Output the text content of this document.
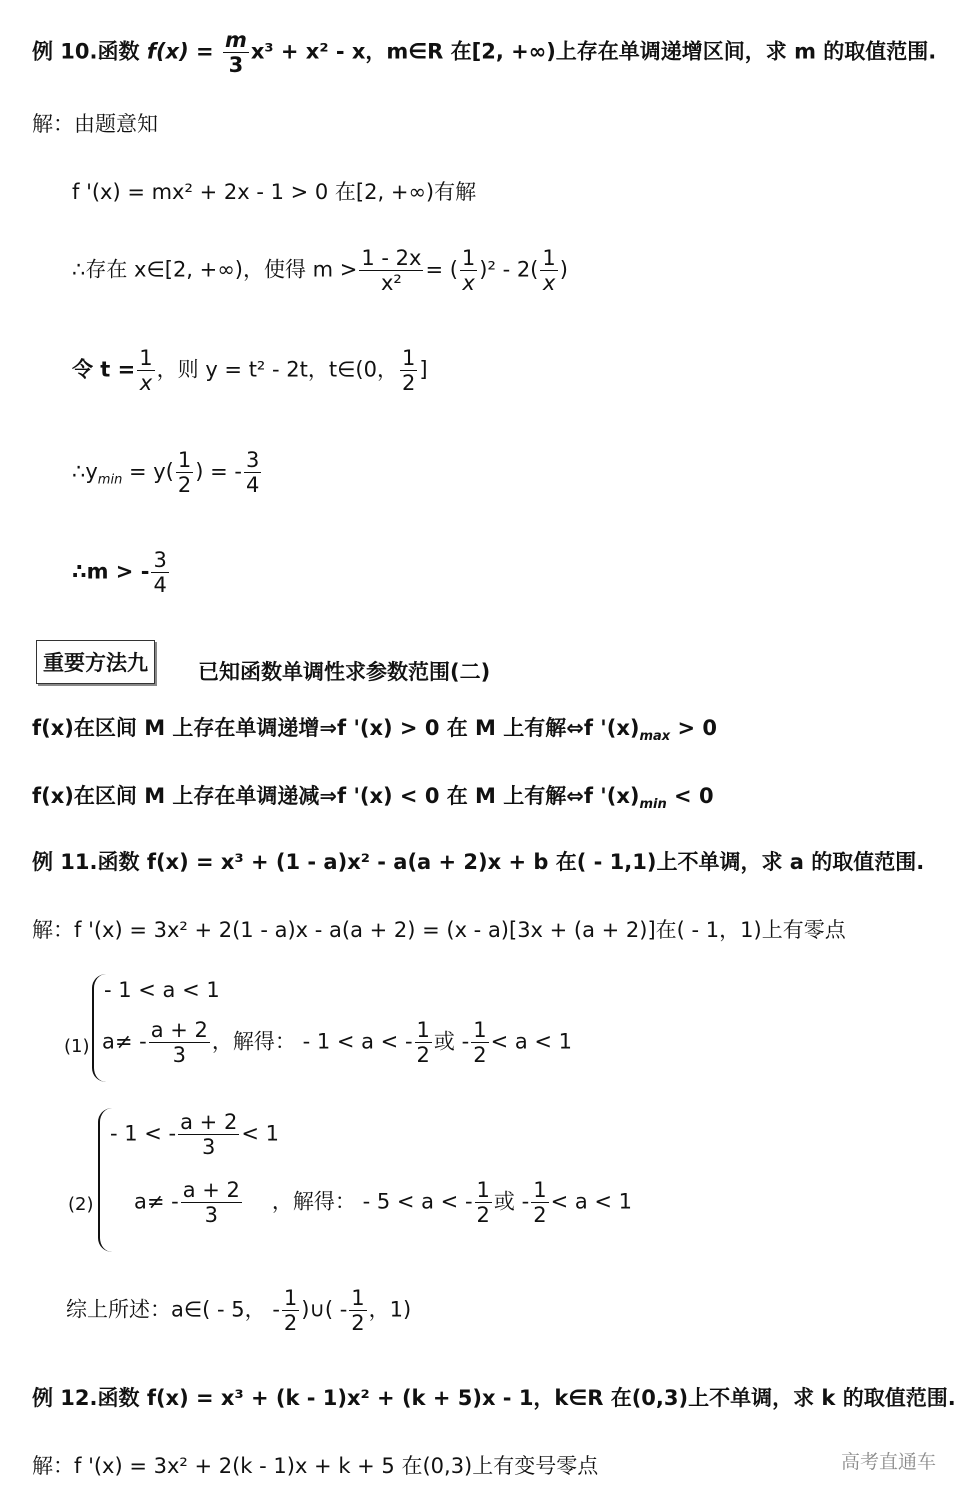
例 10.函数 $f(x) = \frac{m}{3} x^3 + x^2 - x$，m∈R 在[2, +∞)上存在单调递增区间，求 m 的取值范围.
解：由题意知
f '(x) = mx² + 2x - 1 > 0 在[2, +∞)有解
∴存在 x∈[2, +∞)，使得 $m > \frac{1 - 2x}{\text{x²}}$ = ( $\frac{1}{x} )^2 - 2( \frac{1}{x}$ )
令 $t = \frac{1}{x}$ ，则 y = t² - 2t，t∈(0， $\frac{1}{2}$ ]
$\therefore y_{min} = y( \frac{1}{2}$ ) = - $\frac{3}{4}$
∴m > - $\frac{3}{4}$
重要方法九	已知函数单调性求参数范围(二)
f(x)在区间 M 上存在单调递增⇒f '(x) > 0 在 M 上有解⇔f '$(x)_{max} > 0$
f(x)在区间 M 上存在单调递减⇒f '(x) < 0 在 M 上有解⇔f '$(x)_{min} < 0$
例 11.函数 f(x) = x³ + (1 - a)x² - a(a + 2)x + b 在( - 1,1)上不单调，求 a 的取值范围.
解：f '(x) = 3x² + 2(1 - a)x - a(a + 2) = (x - a)[3x + (a + 2)]在( - 1，1)上有零点
(1)
- 1 < a < 1
$a\ne - \frac{a + 2}{3}$ ，解得： - 1 < a < - $\frac{1}{2}$ 或 - $\frac{1}{2} < a < 1$
(2)
- 1 < - $\frac{a + 2}{3} < 1$
$a\ne - \frac{a + 2}{3}$ ，解得： - 5 < a < - $\frac{1}{2}$ 或 - $\frac{1}{2} < a < 1$
综上所述：a∈( - 5， - $\frac{1}{2}$ )∪( - $\frac{1}{2}$ ，1)
例 12.函数 f(x) = x³ + (k - 1)x² + (k + 5)x - 1，k∈R 在(0,3)上不单调，求 k 的取值范围.
解：f '(x) = 3x² + 2(k - 1)x + k + 5 在(0,3)上有变号零点	高考直通车
